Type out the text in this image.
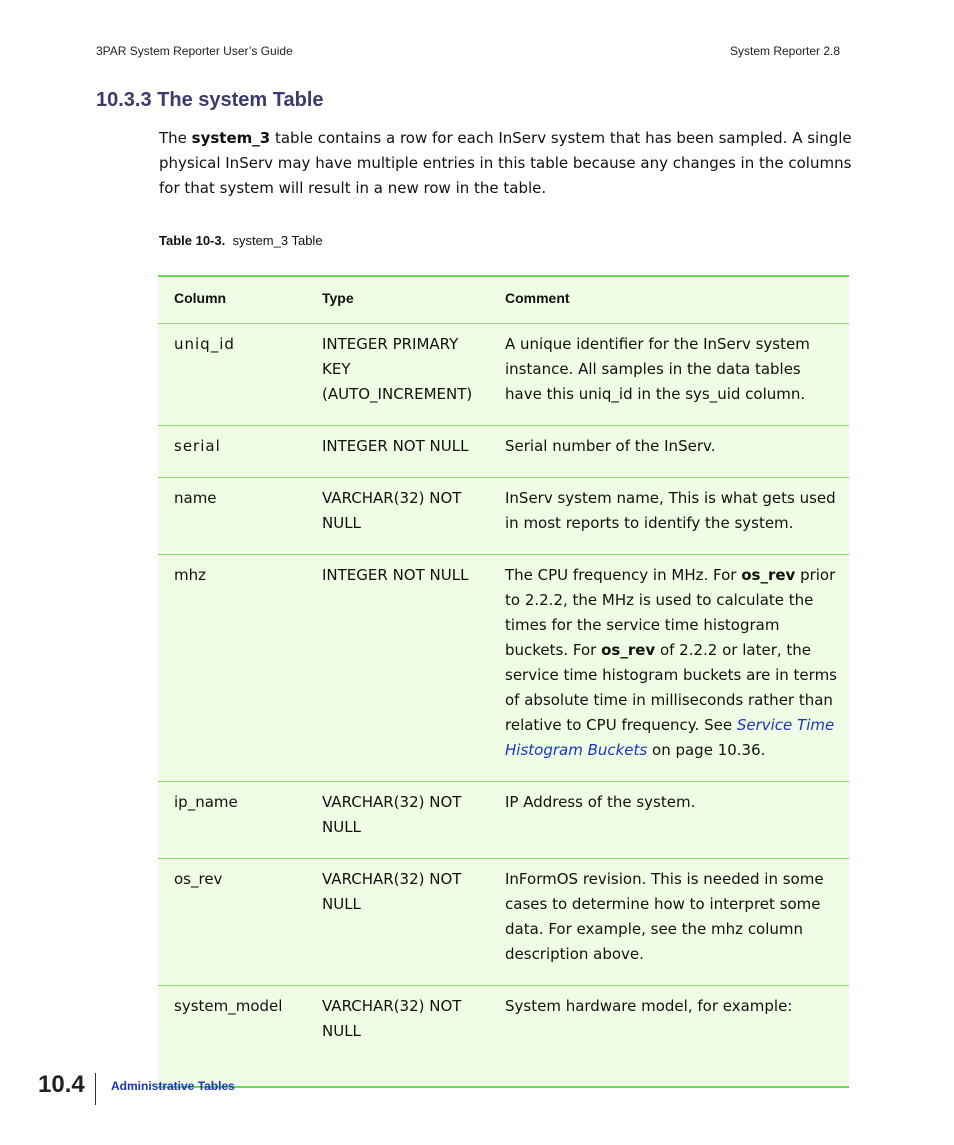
3PAR System Reporter User’s Guide	System Reporter 2.8
10.3.3 The system Table

The system_3 table contains a row for each InServ system that has been sampled. A single physical InServ may have multiple entries in this table because any changes in the columns for that system will result in a new row in the table.

Table 10-3. system_3 Table
Column	Type	Comment
uniq_id	INTEGER PRIMARY KEY (AUTO_INCREMENT)	A unique identifier for the InServ system instance. All samples in the data tables have this uniq_id in the sys_uid column.
serial	INTEGER NOT NULL	Serial number of the InServ.
name	VARCHAR(32) NOT NULL	InServ system name, This is what gets used in most reports to identify the system.
mhz	INTEGER NOT NULL	The CPU frequency in MHz. For os_rev prior to 2.2.2, the MHz is used to calculate the times for the service time histogram buckets. For os_rev of 2.2.2 or later, the service time histogram buckets are in terms of absolute time in milliseconds rather than relative to CPU frequency. See Service Time Histogram Buckets on page 10.36.
ip_name	VARCHAR(32) NOT NULL	IP Address of the system.
os_rev	VARCHAR(32) NOT NULL	InFormOS revision. This is needed in some cases to determine how to interpret some data. For example, see the mhz column description above.
system_model	VARCHAR(32) NOT NULL	System hardware model, for example:
10.4 Administrative Tables
